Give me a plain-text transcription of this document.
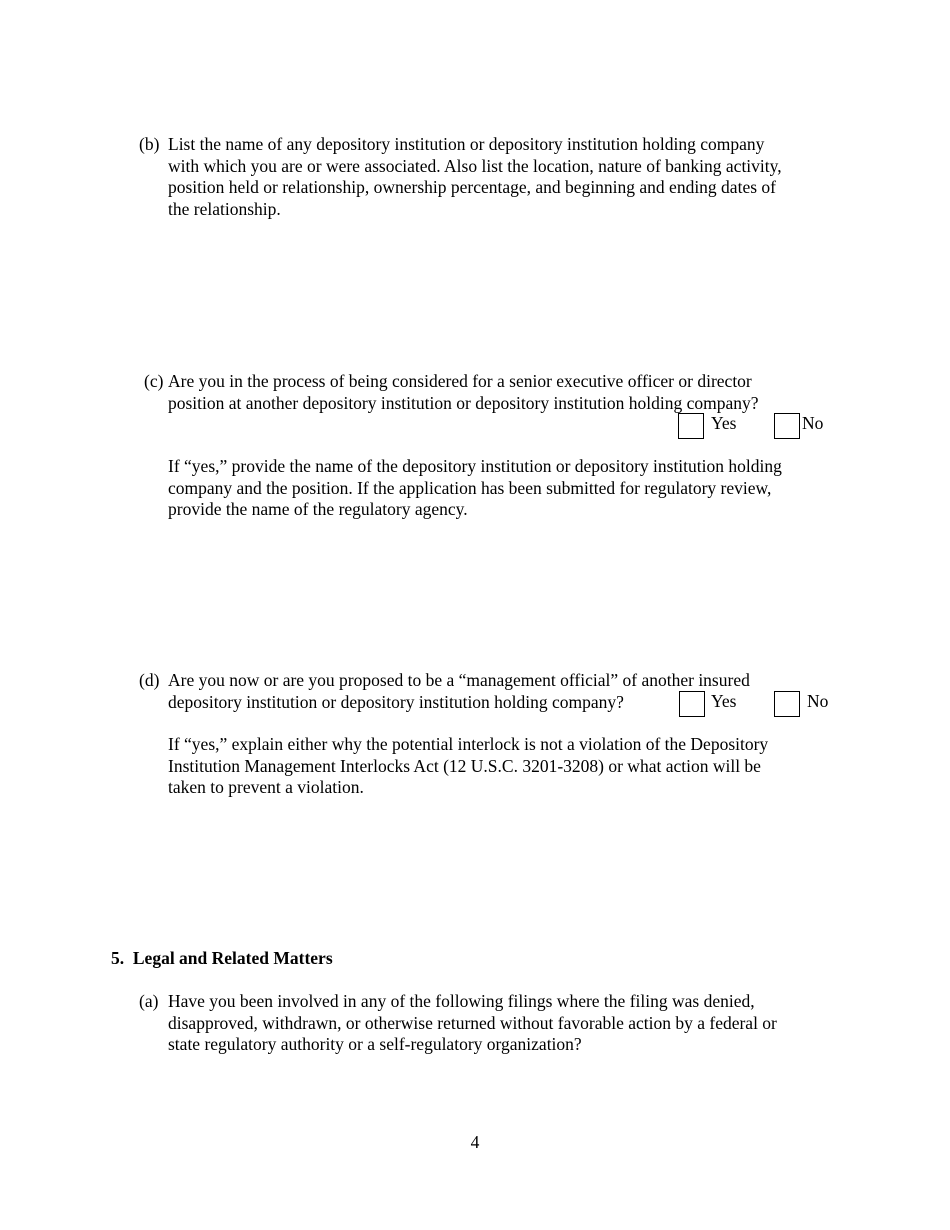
(b) List the name of any depository institution or depository institution holding company
with which you are or were associated. Also list the location, nature of banking activity,
position held or relationship, ownership percentage, and beginning and ending dates of
the relationship.
(c) Are you in the process of being considered for a senior executive officer or director
position at another depository institution or depository institution holding company?
Yes	No
If “yes,” provide the name of the depository institution or depository institution holding
company and the position. If the application has been submitted for regulatory review,
provide the name of the regulatory agency.
(d) Are you now or are you proposed to be a “management official” of another insured
depository institution or depository institution holding company?	Yes	No
If “yes,” explain either why the potential interlock is not a violation of the Depository
Institution Management Interlocks Act (12 U.S.C. 3201-3208) or what action will be
taken to prevent a violation.
5. Legal and Related Matters
(a) Have you been involved in any of the following filings where the filing was denied,
disapproved, withdrawn, or otherwise returned without favorable action by a federal or
state regulatory authority or a self-regulatory organization?
4
